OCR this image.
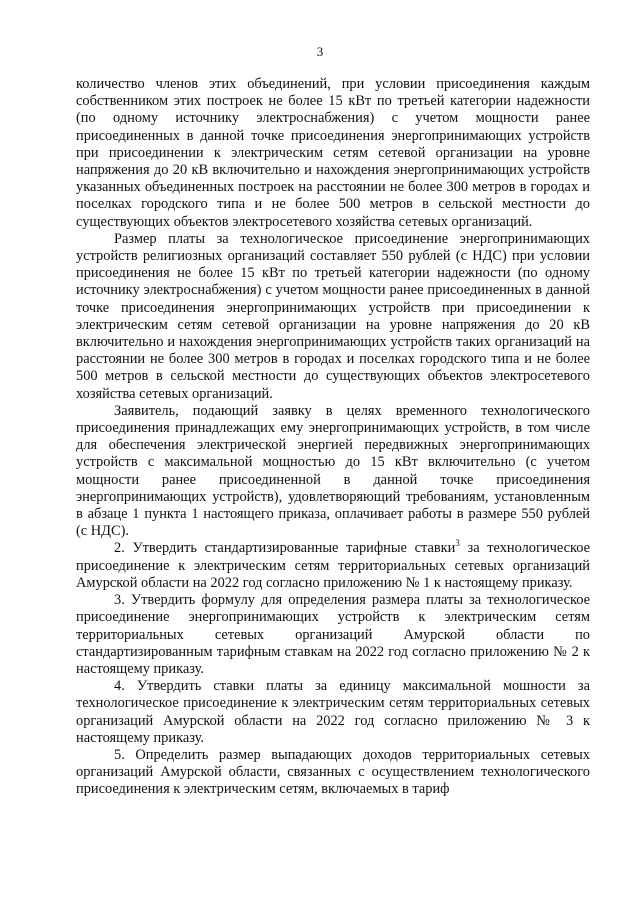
3

количество членов этих объединений, при условии присоединения каждым собственником этих построек не более 15 кВт по третьей категории надежности (по одному источнику электроснабжения) с учетом мощности ранее присоединенных в данной точке присоединения энергопринимающих устройств при присоединении к электрическим сетям сетевой организации на уровне напряжения до 20 кВ включительно и нахождения энергопринимающих устройств указанных объединенных построек на расстоянии не более 300 метров в городах и поселках городского типа и не более 500 метров в сельской местности до существующих объектов электросетевого хозяйства сетевых организаций.

Размер платы за технологическое присоединение энергопринимающих устройств религиозных организаций составляет 550 рублей (с НДС) при условии присоединения не более 15 кВт по третьей категории надежности (по одному источнику электроснабжения) с учетом мощности ранее присоединенных в данной точке присоединения энергопринимающих устройств при присоединении к электрическим сетям сетевой организации на уровне напряжения до 20 кВ включительно и нахождения энергопринимающих устройств таких организаций на расстоянии не более 300 метров в городах и поселках городского типа и не более 500 метров в сельской местности до существующих объектов электросетевого хозяйства сетевых организаций.

Заявитель, подающий заявку в целях временного технологического присоединения принадлежащих ему энергопринимающих устройств, в том числе для обеспечения электрической энергией передвижных энергопринимающих устройств с максимальной мощностью до 15 кВт включительно (с учетом мощности ранее присоединенной в данной точке присоединения энергопринимающих устройств), удовлетворяющий требованиям, установленным в абзаце 1 пункта 1 настоящего приказа, оплачивает работы в размере 550 рублей (с НДС).

2. Утвердить стандартизированные тарифные ставки$^3$ за технологическое присоединение к электрическим сетям территориальных сетевых организаций Амурской области на 2022 год согласно приложению № 1 к настоящему приказу.

3. Утвердить формулу для определения размера платы за технологическое присоединение энергопринимающих устройств к электрическим сетям территориальных сетевых организаций Амурской области по стандартизированным тарифным ставкам на 2022 год согласно приложению № 2 к настоящему приказу.

4. Утвердить ставки платы за единицу максимальной мошности за технологическое присоединение к электрическим сетям территориальных сетевых организаций Амурской области на 2022 год согласно приложению № 3 к настоящему приказу.

5. Определить размер выпадающих доходов территориальных сетевых организаций Амурской области, связанных с осуществлением технологического присоединения к электрическим сетям, включаемых в тариф
